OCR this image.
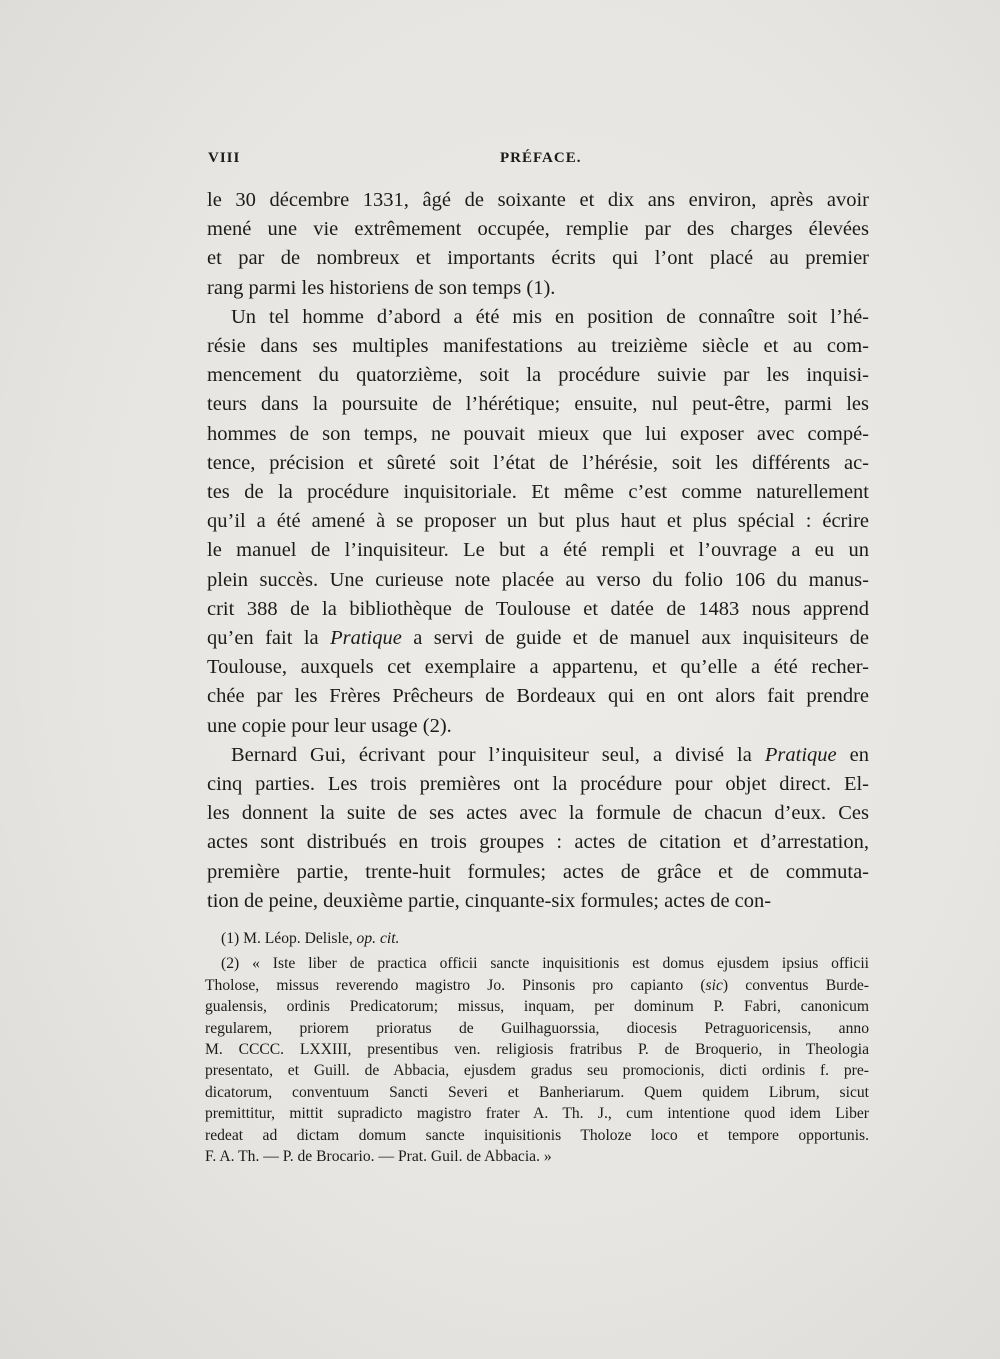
VIII	PRÉFACE.
le 30 décembre 1331, âgé de soixante et dix ans environ, après avoir
mené une vie extrêmement occupée, remplie par des charges élevées
et par de nombreux et importants écrits qui l’ont placé au premier
rang parmi les historiens de son temps (1).
Un tel homme d’abord a été mis en position de connaître soit l’hé-
résie dans ses multiples manifestations au treizième siècle et au com-
mencement du quatorzième, soit la procédure suivie par les inquisi-
teurs dans la poursuite de l’hérétique; ensuite, nul peut-être, parmi les
hommes de son temps, ne pouvait mieux que lui exposer avec compé-
tence, précision et sûreté soit l’état de l’hérésie, soit les différents ac-
tes de la procédure inquisitoriale. Et même c’est comme naturellement
qu’il a été amené à se proposer un but plus haut et plus spécial : écrire
le manuel de l’inquisiteur. Le but a été rempli et l’ouvrage a eu un
plein succès. Une curieuse note placée au verso du folio 106 du manus-
crit 388 de la bibliothèque de Toulouse et datée de 1483 nous apprend
qu’en fait la Pratique a servi de guide et de manuel aux inquisiteurs de
Toulouse, auxquels cet exemplaire a appartenu, et qu’elle a été recher-
chée par les Frères Prêcheurs de Bordeaux qui en ont alors fait prendre
une copie pour leur usage (2).
Bernard Gui, écrivant pour l’inquisiteur seul, a divisé la Pratique en
cinq parties. Les trois premières ont la procédure pour objet direct. El-
les donnent la suite de ses actes avec la formule de chacun d’eux. Ces
actes sont distribués en trois groupes : actes de citation et d’arrestation,
première partie, trente-huit formules; actes de grâce et de commuta-
tion de peine, deuxième partie, cinquante-six formules; actes de con-
(1) M. Léop. Delisle, op. cit.
(2) « Iste liber de practica officii sancte inquisitionis est domus ejusdem ipsius officii
Tholose, missus reverendo magistro Jo. Pinsonis pro capianto (sic) conventus Burde-
gualensis, ordinis Predicatorum; missus, inquam, per dominum P. Fabri, canonicum
regularem, priorem prioratus de Guilhaguorssia, diocesis Petraguoricensis, anno
M. CCCC. LXXIII, presentibus ven. religiosis fratribus P. de Broquerio, in Theologia
presentato, et Guill. de Abbacia, ejusdem gradus seu promocionis, dicti ordinis f. pre-
dicatorum, conventuum Sancti Severi et Banheriarum. Quem quidem Librum, sicut
premittitur, mittit supradicto magistro frater A. Th. J., cum intentione quod idem Liber
redeat ad dictam domum sancte inquisitionis Tholoze loco et tempore opportunis.
F. A. Th. — P. de Brocario. — Prat. Guil. de Abbacia. »
